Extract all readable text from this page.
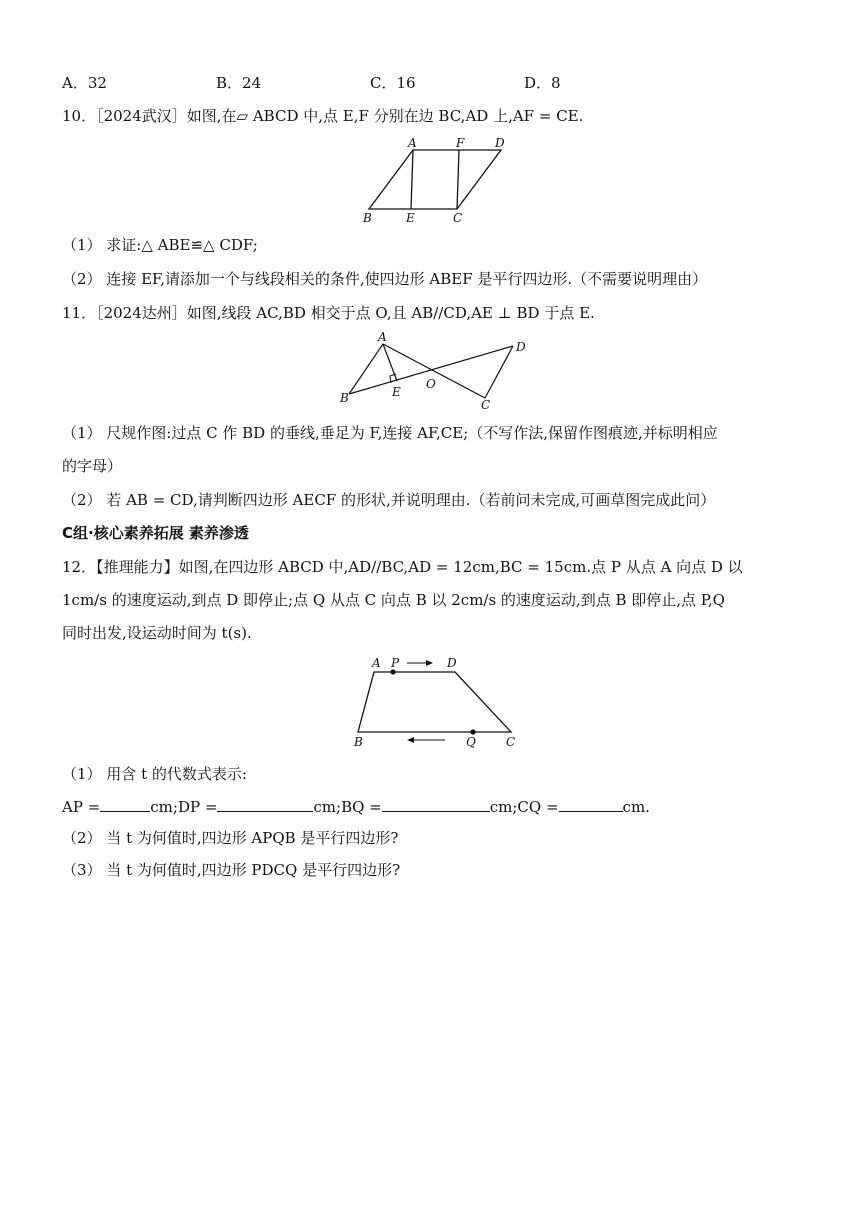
A．32	B．24	C．16	D．8
10．［2024武汉］如图,在▱ ABCD 中,点 E,F 分别在边 BC,AD 上,AF = CE.
A	F	D
B	E	C
（1） 求证:△ ABE≌△ CDF;
（2） 连接 EF,请添加一个与线段相关的条件,使四边形 ABEF 是平行四边形.（不需要说明理由）
11．［2024达州］如图,线段 AC,BD 相交于点 O,且 AB//CD,AE ⊥ BD 于点 E.
A
B	E
O
C
D
（1） 尺规作图:过点 C 作 BD 的垂线,垂足为 F,连接 AF,CE;（不写作法,保留作图痕迹,并标明相应
的字母）
（2） 若 AB = CD,请判断四边形 AECF 的形状,并说明理由.（若前问未完成,可画草图完成此问）
C组·核心素养拓展 素养渗透
12．【推理能力】如图,在四边形 ABCD 中,AD//BC,AD = 12cm,BC = 15cm.点 P 从点 A 向点 D 以
1cm/s 的速度运动,到点 D 即停止;点 Q 从点 C 向点 B 以 2cm/s 的速度运动,到点 B 即停止,点 P,Q
同时出发,设运动时间为 t(s).
A P	D
B	Q	C
（1） 用含 t 的代数式表示:
AP =	cm;DP =	cm;BQ =	cm;CQ =	cm.
（2） 当 t 为何值时,四边形 APQB 是平行四边形?
（3） 当 t 为何值时,四边形 PDCQ 是平行四边形?
